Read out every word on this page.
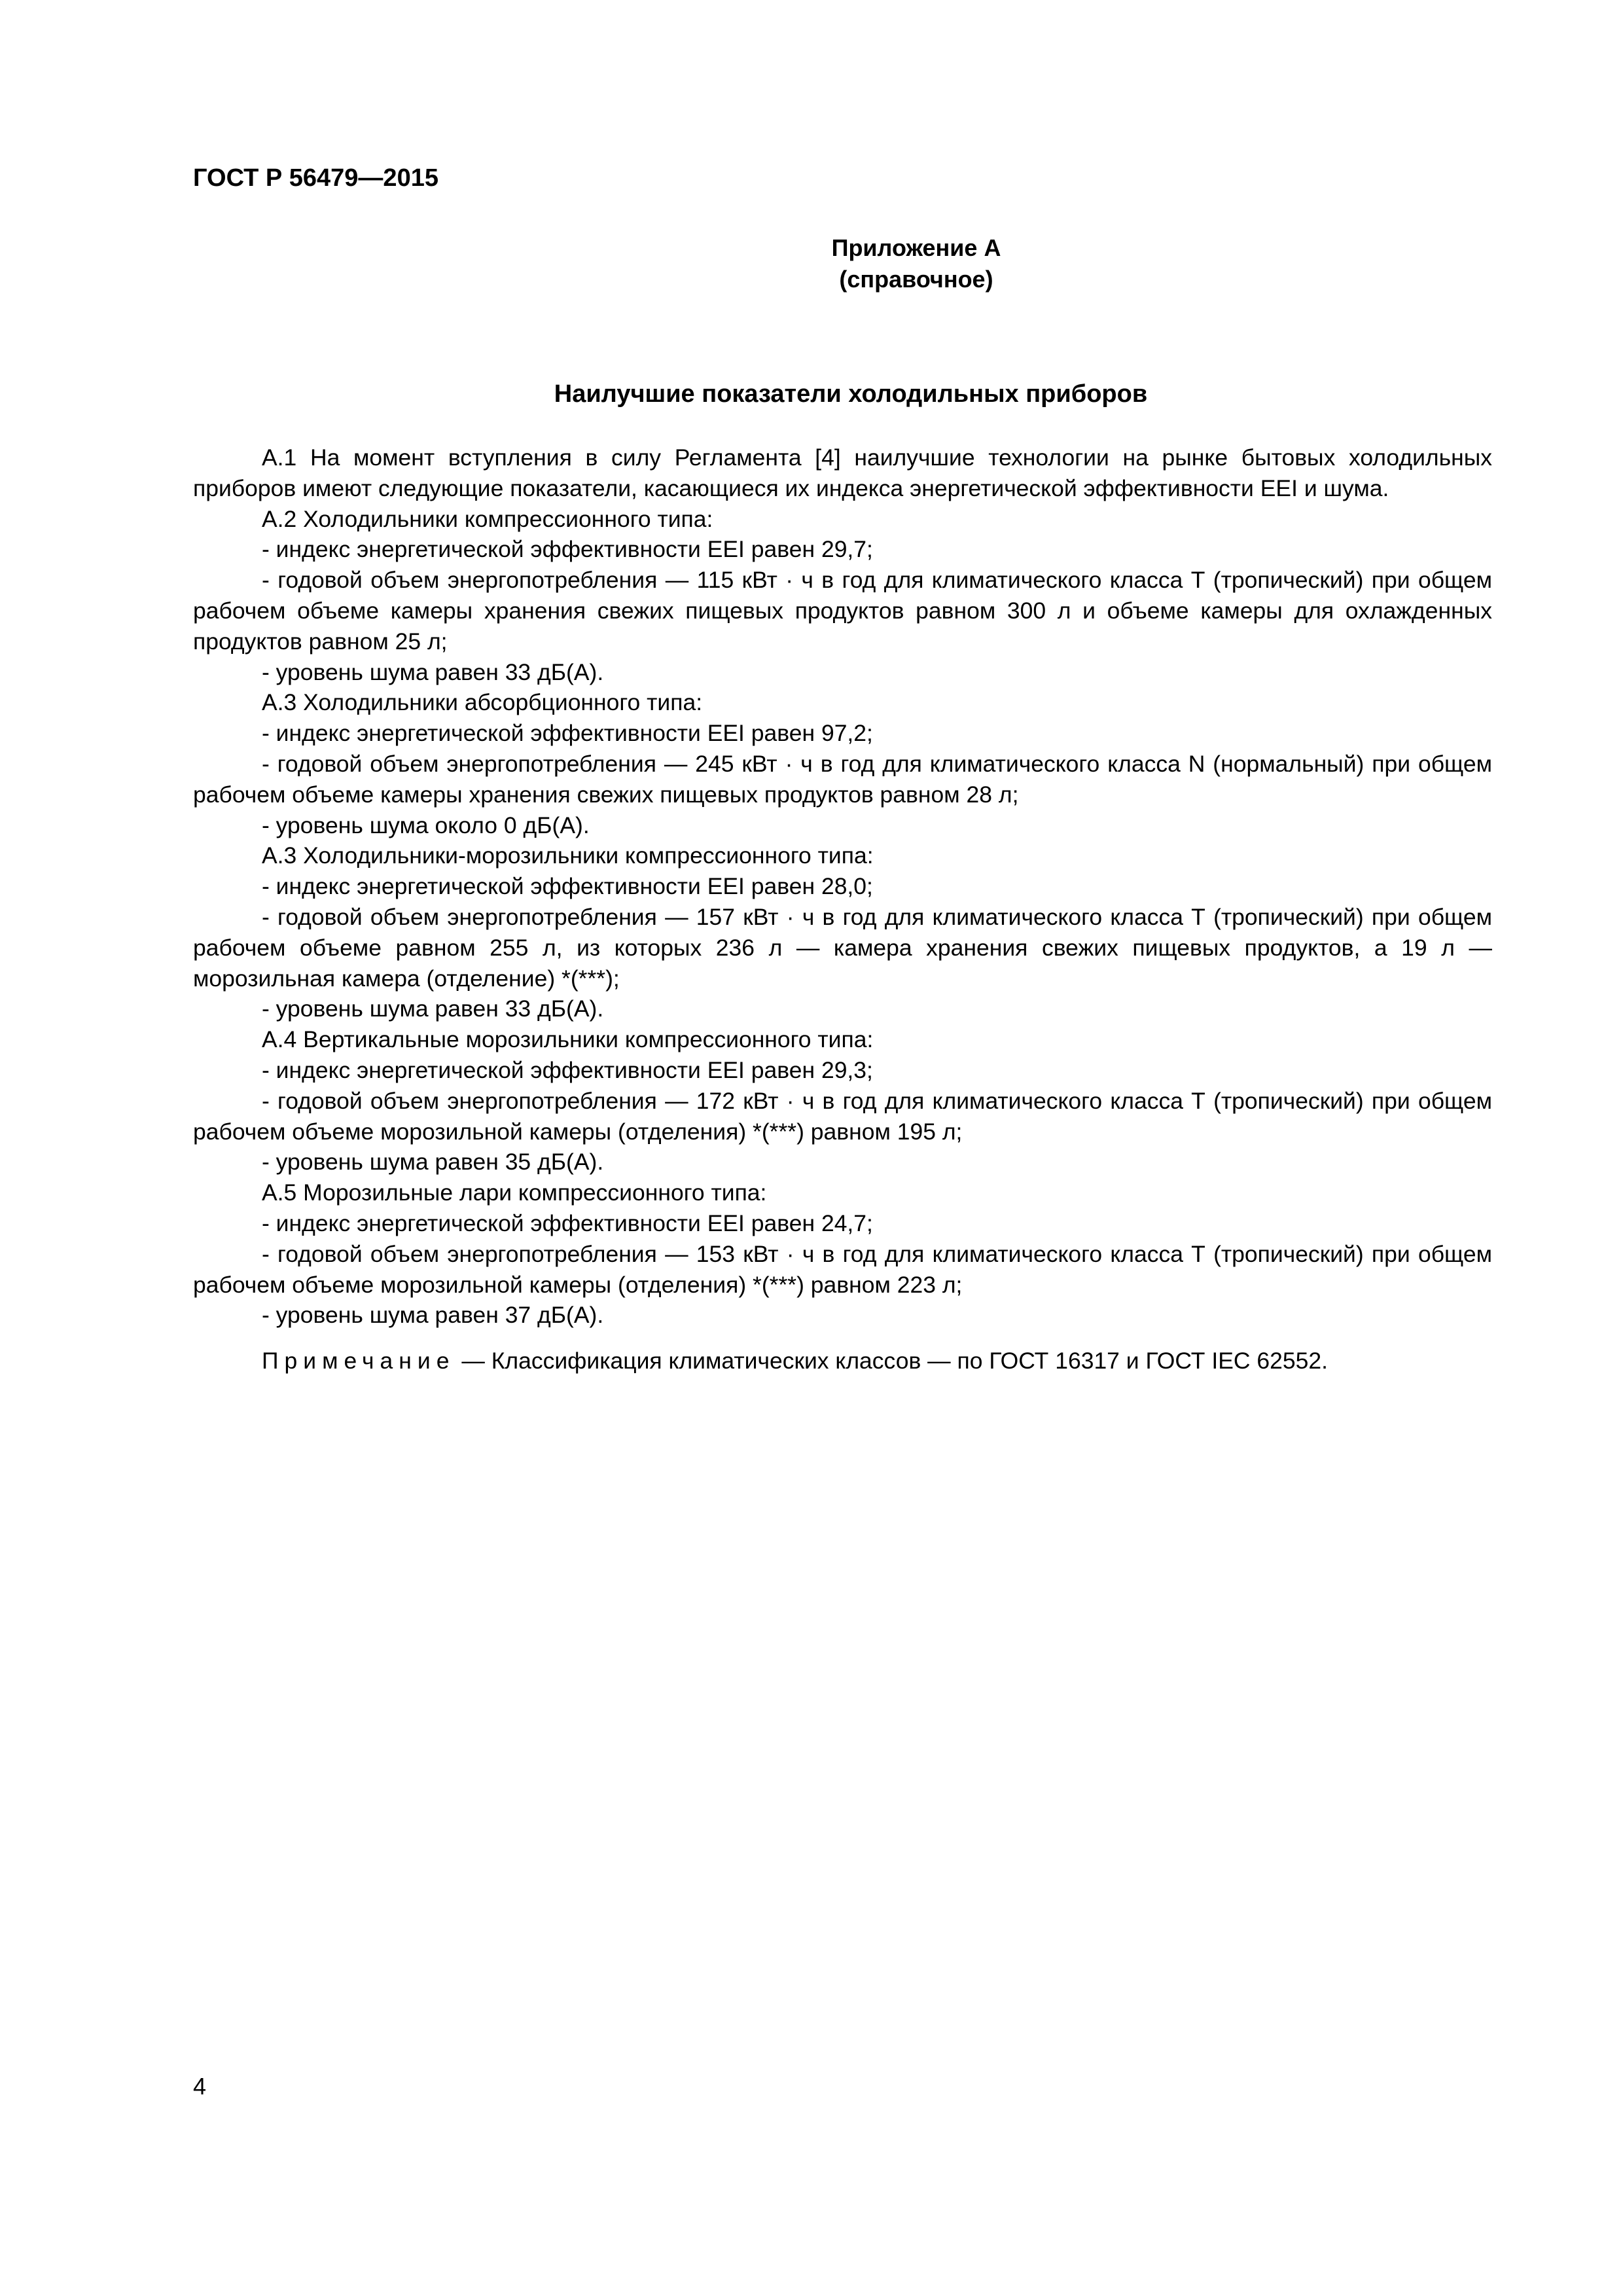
ГОСТ Р 56479—2015
Приложение А
(справочное)
Наилучшие показатели холодильных приборов

А.1 На момент вступления в силу Регламента [4] наилучшие технологии на рынке бытовых холодильных приборов имеют следующие показатели, касающиеся их индекса энергетической эффективности EEI и шума.

А.2 Холодильники компрессионного типа:

- индекс энергетической эффективности EEI равен 29,7;

- годовой объем энергопотребления — 115 кВт · ч в год для климатического класса Т (тропический) при общем рабочем объеме камеры хранения свежих пищевых продуктов равном 300 л и объеме камеры для охлажденных продуктов равном 25 л;

- уровень шума равен 33 дБ(А).

А.3 Холодильники абсорбционного типа:

- индекс энергетической эффективности EEI равен 97,2;

- годовой объем энергопотребления — 245 кВт · ч в год для климатического класса N (нормальный) при общем рабочем объеме камеры хранения свежих пищевых продуктов равном 28 л;

- уровень шума около 0 дБ(А).

А.3 Холодильники-морозильники компрессионного типа:

- индекс энергетической эффективности EEI равен 28,0;

- годовой объем энергопотребления — 157 кВт · ч в год для климатического класса Т (тропический) при общем рабочем объеме равном 255 л, из которых 236 л — камера хранения свежих пищевых продуктов, а 19 л — морозильная камера (отделение) *(***);

- уровень шума равен 33 дБ(А).

А.4 Вертикальные морозильники компрессионного типа:

- индекс энергетической эффективности EEI равен 29,3;

- годовой объем энергопотребления — 172 кВт · ч в год для климатического класса Т (тропический) при общем рабочем объеме морозильной камеры (отделения) *(***) равном 195 л;

- уровень шума равен 35 дБ(А).

А.5 Морозильные лари компрессионного типа:

- индекс энергетической эффективности EEI равен 24,7;

- годовой объем энергопотребления — 153 кВт · ч в год для климатического класса Т (тропический) при общем рабочем объеме морозильной камеры (отделения) *(***) равном 223 л;

- уровень шума равен 37 дБ(А).

Примечание — Классификация климатических классов — по ГОСТ 16317 и ГОСТ IEC 62552.
4
